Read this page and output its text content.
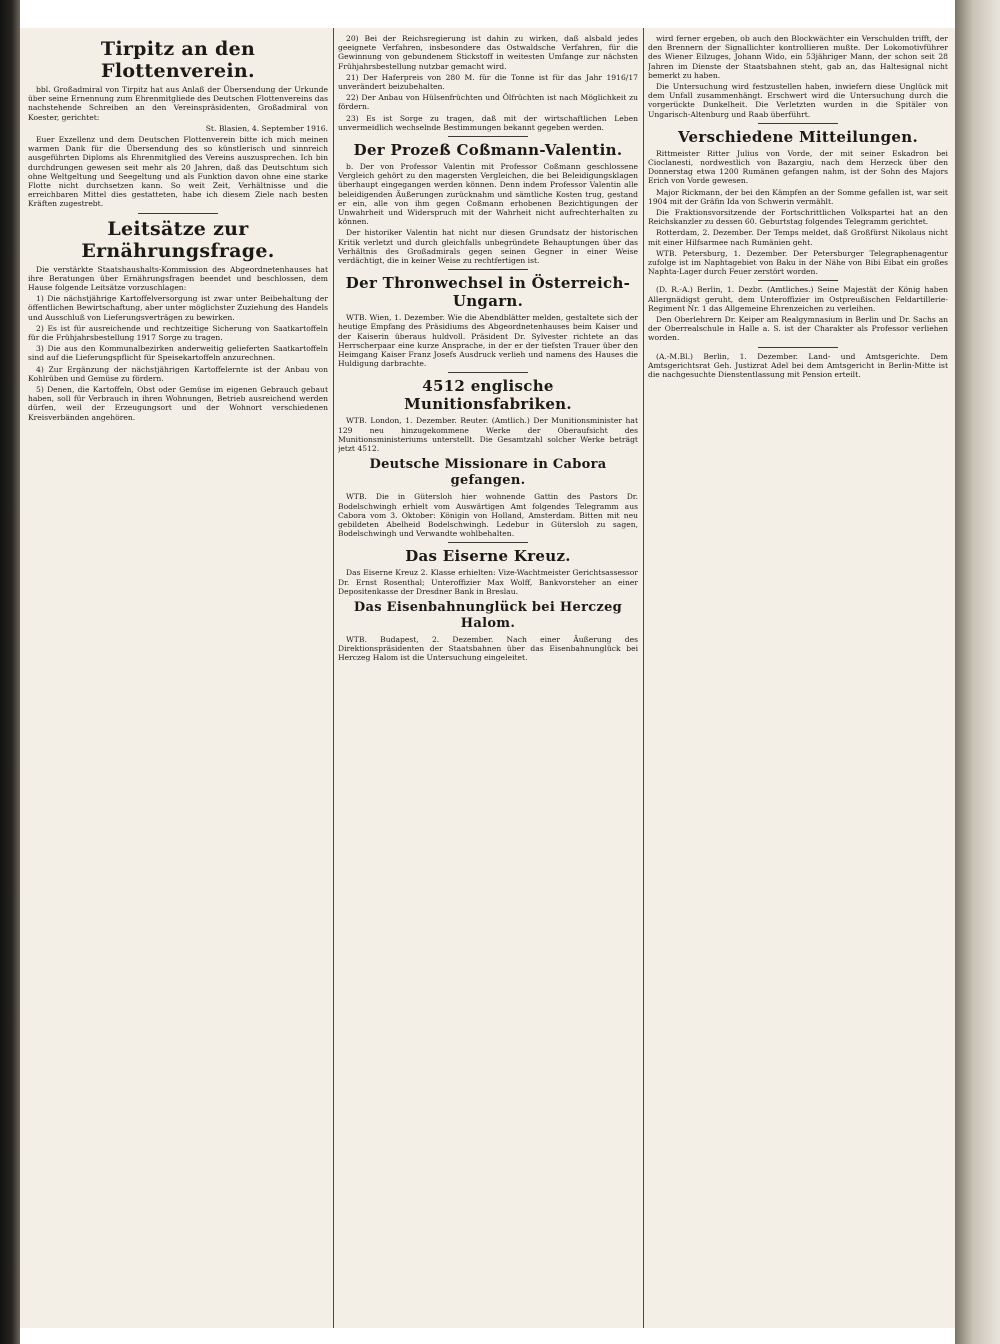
Tirpitz an den Flottenverein.

bbl. Großadmiral von Tirpitz hat aus Anlaß der Übersendung der Urkunde über seine Ernennung zum Ehrenmitgliede des Deutschen Flottenvereins das nachstehende Schreiben an den Vereinspräsidenten, Großadmiral von Koester, gerichtet:

St. Blasien, 4. September 1916.

Euer Exzellenz und dem Deutschen Flottenverein bitte ich mich meinen warmen Dank für die Übersendung des so künstlerisch und sinnreich ausgeführten Diploms als Ehrenmitglied des Vereins auszusprechen. Ich bin durchdrungen gewesen seit mehr als 20 Jahren, daß das Deutschtum sich ohne Weltgeltung und Seegeltung und als Funktion davon ohne eine starke Flotte nicht durchsetzen kann. So weit Zeit, Verhältnisse und die erreichbaren Mittel dies gestatteten, habe ich diesem Ziele nach besten Kräften zugestrebt.

Leitsätze zur Ernährungsfrage.

Die verstärkte Staatshaushalts-Kommission des Abgeordnetenhauses hat ihre Beratungen über Ernährungsfragen beendet und beschlossen, dem Hause folgende Leitsätze vorzuschlagen:

1) Die nächstjährige Kartoffelversorgung ist zwar unter Beibehaltung der öffentlichen Bewirtschaftung, aber unter möglichster Zuziehung des Handels und Ausschluß von Lieferungsverträgen zu bewirken.

2) Es ist für ausreichende und rechtzeitige Sicherung von Saatkartoffeln für die Frühjahrsbestellung 1917 Sorge zu tragen.

3) Die aus den Kommunalbezirken anderweitig gelieferten Saatkartoffeln sind auf die Lieferungspflicht für Speisekartoffeln anzurechnen.

4) Zur Ergänzung der nächstjährigen Kartoffelernte ist der Anbau von Kohlrüben und Gemüse zu fördern.

5) Denen, die Kartoffeln, Obst oder Gemüse im eigenen Gebrauch gebaut haben, soll für Verbrauch in ihren Wohnungen, Betrieb ausreichend werden dürfen, weil der Erzeugungsort und der Wohnort verschiedenen Kreisverbänden angehören.

20) Bei der Reichsregierung ist dahin zu wirken, daß alsbald jedes geeignete Verfahren, insbesondere das Ostwaldsche Verfahren, für die Gewinnung von gebundenem Stickstoff in weitesten Umfange zur nächsten Frühjahrsbestellung nutzbar gemacht wird.

21) Der Haferpreis von 280 M. für die Tonne ist für das Jahr 1916/17 unverändert beizubehalten.

22) Der Anbau von Hülsenfrüchten und Ölfrüchten ist nach Möglichkeit zu fördern.

23) Es ist Sorge zu tragen, daß mit der wirtschaftlichen Leben unvermeidlich wechselnde Bestimmungen bekannt gegeben werden.

Der Prozeß Coßmann-Valentin.

b. Der von Professor Valentin mit Professor Coßmann geschlossene Vergleich gehört zu den magersten Vergleichen, die bei Beleidigungsklagen überhaupt eingegangen werden können. Denn indem Professor Valentin alle beleidigenden Äußerungen zurücknahm und sämtliche Kosten trug, gestand er ein, alle von ihm gegen Coßmann erhobenen Bezichtigungen der Unwahrheit und Widerspruch mit der Wahrheit nicht aufrechterhalten zu können.

Der historiker Valentin hat nicht nur diesen Grundsatz der historischen Kritik verletzt und durch gleichfalls unbegründete Behauptungen über das Verhältnis des Großadmirals gegen seinen Gegner in einer Weise verdächtigt, die in keiner Weise zu rechtfertigen ist.

Der Thronwechsel in Österreich-Ungarn.

WTB. Wien, 1. Dezember. Wie die Abendblätter melden, gestaltete sich der heutige Empfang des Präsidiums des Abgeordnetenhauses beim Kaiser und der Kaiserin überaus huldvoll. Präsident Dr. Sylvester richtete an das Herrscherpaar eine kurze Ansprache, in der er der tiefsten Trauer über den Heimgang Kaiser Franz Josefs Ausdruck verlieh und namens des Hauses die Huldigung darbrachte.

4512 englische Munitionsfabriken.

WTB. London, 1. Dezember. Reuter. (Amtlich.) Der Munitionsminister hat 129 neu hinzugekommene Werke der Oberaufsicht des Munitionsministeriums unterstellt. Die Gesamtzahl solcher Werke beträgt jetzt 4512.

Deutsche Missionare in Cabora gefangen.

WTB. Die in Gütersloh hier wohnende Gattin des Pastors Dr. Bodelschwingh erhielt vom Auswärtigen Amt folgendes Telegramm aus Cabora vom 3. Oktober: Königin von Holland, Amsterdam. Bitten mit neu gebildeten Abelheid Bodelschwingh. Ledebur in Gütersloh zu sagen, Bodelschwingh und Verwandte wohlbehalten.

Das Eiserne Kreuz.

Das Eiserne Kreuz 2. Klasse erhielten: Vize-Wachtmeister Gerichtsassessor Dr. Ernst Rosenthal; Unteroffizier Max Wolff, Bankvorsteher an einer Depositenkasse der Dresdner Bank in Breslau.

Das Eisenbahnunglück bei Herczeg Halom.

WTB. Budapest, 2. Dezember. Nach einer Äußerung des Direktionspräsidenten der Staatsbahnen über das Eisenbahnunglück bei Herczeg Halom ist die Untersuchung eingeleitet.

wird ferner ergeben, ob auch den Blockwächter ein Verschulden trifft, der den Brennern der Signallichter kontrollieren mußte. Der Lokomotivführer des Wiener Eilzuges, Johann Wido, ein 53jähriger Mann, der schon seit 28 Jahren im Dienste der Staatsbahnen steht, gab an, das Haltesignal nicht bemerkt zu haben.

Die Untersuchung wird festzustellen haben, inwiefern diese Unglück mit dem Unfall zusammenhängt. Erschwert wird die Untersuchung durch die vorgerückte Dunkelheit. Die Verletzten wurden in die Spitäler von Ungarisch-Altenburg und Raab überführt.

Verschiedene Mitteilungen.

Rittmeister Ritter Julius von Vorde, der mit seiner Eskadron bei Cioclanesti, nordwestlich von Bazargiu, nach dem Herzeck über den Donnerstag etwa 1200 Rumänen gefangen nahm, ist der Sohn des Majors Erich von Vorde gewesen.

Major Rickmann, der bei den Kämpfen an der Somme gefallen ist, war seit 1904 mit der Gräfin Ida von Schwerin vermählt.

Die Fraktionsvorsitzende der Fortschrittlichen Volkspartei hat an den Reichskanzler zu dessen 60. Geburtstag folgendes Telegramm gerichtet.

Rotterdam, 2. Dezember. Der Temps meldet, daß Großfürst Nikolaus nicht mit einer Hilfsarmee nach Rumänien geht.

WTB. Petersburg, 1. Dezember. Der Petersburger Telegraphenagentur zufolge ist im Naphtagebiet von Baku in der Nähe von Bibi Eibat ein großes Naphta-Lager durch Feuer zerstört worden.

(D. R.-A.) Berlin, 1. Dezbr. (Amtliches.) Seine Majestät der König haben Allergnädigst geruht, dem Unteroffizier im Ostpreußischen Feldartillerie-Regiment Nr. 1 das Allgemeine Ehrenzeichen zu verleihen.

Den Oberlehrern Dr. Keiper am Realgymnasium in Berlin und Dr. Sachs an der Oberrealschule in Halle a. S. ist der Charakter als Professor verliehen worden.

(A.-M.Bl.) Berlin, 1. Dezember. Land- und Amtsgerichte. Dem Amtsgerichtsrat Geh. Justizrat Adel bei dem Amtsgericht in Berlin-Mitte ist die nachgesuchte Dienstentlassung mit Pension erteilt.
